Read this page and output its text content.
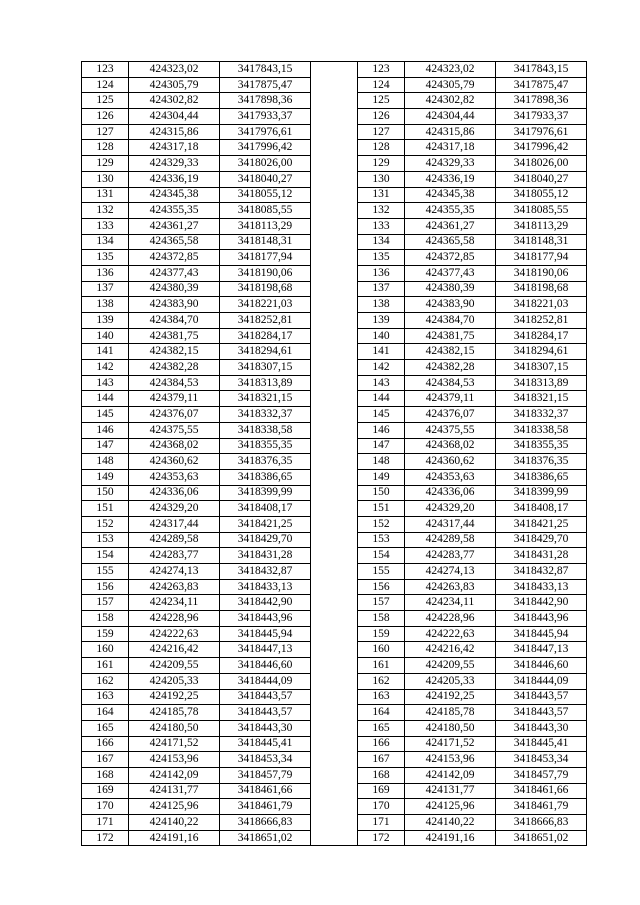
123	424323,02	3417843,15		123	424323,02	3417843,15
124	424305,79	3417875,47		124	424305,79	3417875,47
125	424302,82	3417898,36		125	424302,82	3417898,36
126	424304,44	3417933,37		126	424304,44	3417933,37
127	424315,86	3417976,61		127	424315,86	3417976,61
128	424317,18	3417996,42		128	424317,18	3417996,42
129	424329,33	3418026,00		129	424329,33	3418026,00
130	424336,19	3418040,27		130	424336,19	3418040,27
131	424345,38	3418055,12		131	424345,38	3418055,12
132	424355,35	3418085,55		132	424355,35	3418085,55
133	424361,27	3418113,29		133	424361,27	3418113,29
134	424365,58	3418148,31		134	424365,58	3418148,31
135	424372,85	3418177,94		135	424372,85	3418177,94
136	424377,43	3418190,06		136	424377,43	3418190,06
137	424380,39	3418198,68		137	424380,39	3418198,68
138	424383,90	3418221,03		138	424383,90	3418221,03
139	424384,70	3418252,81		139	424384,70	3418252,81
140	424381,75	3418284,17		140	424381,75	3418284,17
141	424382,15	3418294,61		141	424382,15	3418294,61
142	424382,28	3418307,15		142	424382,28	3418307,15
143	424384,53	3418313,89		143	424384,53	3418313,89
144	424379,11	3418321,15		144	424379,11	3418321,15
145	424376,07	3418332,37		145	424376,07	3418332,37
146	424375,55	3418338,58		146	424375,55	3418338,58
147	424368,02	3418355,35		147	424368,02	3418355,35
148	424360,62	3418376,35		148	424360,62	3418376,35
149	424353,63	3418386,65		149	424353,63	3418386,65
150	424336,06	3418399,99		150	424336,06	3418399,99
151	424329,20	3418408,17		151	424329,20	3418408,17
152	424317,44	3418421,25		152	424317,44	3418421,25
153	424289,58	3418429,70		153	424289,58	3418429,70
154	424283,77	3418431,28		154	424283,77	3418431,28
155	424274,13	3418432,87		155	424274,13	3418432,87
156	424263,83	3418433,13		156	424263,83	3418433,13
157	424234,11	3418442,90		157	424234,11	3418442,90
158	424228,96	3418443,96		158	424228,96	3418443,96
159	424222,63	3418445,94		159	424222,63	3418445,94
160	424216,42	3418447,13		160	424216,42	3418447,13
161	424209,55	3418446,60		161	424209,55	3418446,60
162	424205,33	3418444,09		162	424205,33	3418444,09
163	424192,25	3418443,57		163	424192,25	3418443,57
164	424185,78	3418443,57		164	424185,78	3418443,57
165	424180,50	3418443,30		165	424180,50	3418443,30
166	424171,52	3418445,41		166	424171,52	3418445,41
167	424153,96	3418453,34		167	424153,96	3418453,34
168	424142,09	3418457,79		168	424142,09	3418457,79
169	424131,77	3418461,66		169	424131,77	3418461,66
170	424125,96	3418461,79		170	424125,96	3418461,79
171	424140,22	3418666,83		171	424140,22	3418666,83
172	424191,16	3418651,02		172	424191,16	3418651,02
